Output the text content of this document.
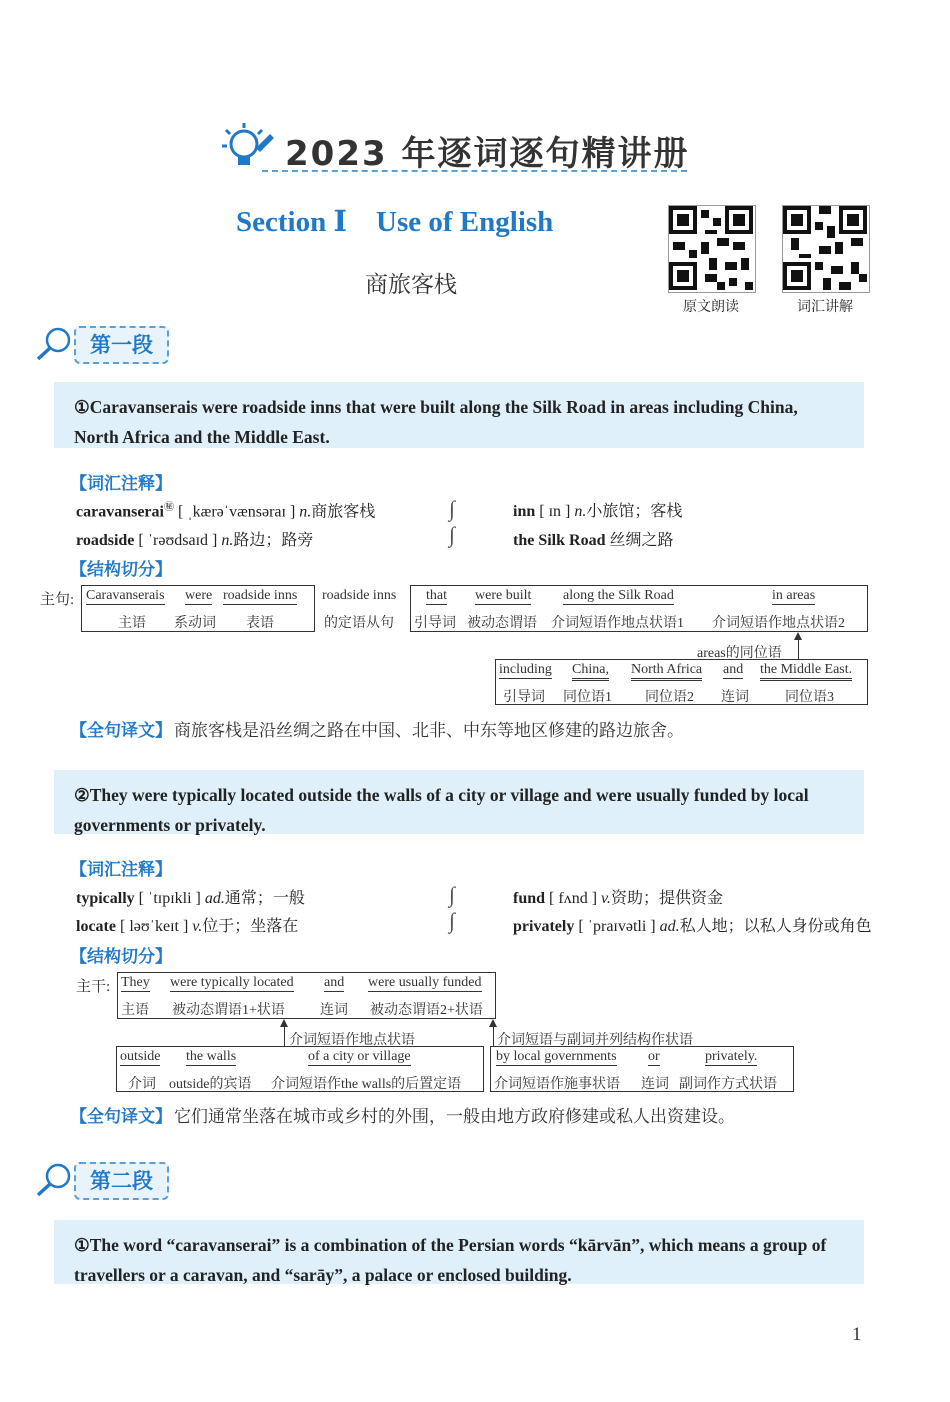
2023 年逐词逐句精讲册
Section Ⅰ    Use of English
商旅客栈
原文朗读	词汇讲解
第一段
①Caravanserais were roadside inns that were built along the Silk Road in areas including China, North Africa and the Middle East.
【词汇注释】
caravanserai㊙ [ ˌkærəˈvænsəraɪ ] n.商旅客栈
roadside [ ˈrəʊdsaɪd ] n.路边；路旁
∫
∫
inn [ ɪn ] n.小旅馆；客栈
the Silk Road 丝绸之路
【结构切分】
主句: Caravanserais
主语
were
系动词
roadside inns
表语
roadside inns
的定语从句
that
引导词
were built
被动态谓语
along the Silk Road
介词短语作地点状语1
in areas
介词短语作地点状语2
areas的同位语
including
引导词
China,
同位语1
North Africa
同位语2
and
连词
the Middle East.
同位语3
【全句译文】 商旅客栈是沿丝绸之路在中国、北非、中东等地区修建的路边旅舍。
②They were typically located outside the walls of a city or village and were usually funded by local governments or privately.
【词汇注释】
typically [ ˈtɪpɪkli ] ad.通常；一般
locate [ ləʊˈkeɪt ] v.位于；坐落在
∫
∫
fund [ fʌnd ] v.资助；提供资金
privately [ ˈpraɪvətli ] ad.私人地；以私人身份或角色
【结构切分】
主干: They
主语
were typically located
被动态谓语1+状语
and
连词
were usually funded
被动态谓语2+状语
介词短语作地点状语	介词短语与副词并列结构作状语
outside
介词
the walls
outside的宾语
of a city or village
介词短语作the walls的后置定语
by local governments
介词短语作施事状语
or
连词
privately.
副词作方式状语
【全句译文】 它们通常坐落在城市或乡村的外围，一般由地方政府修建或私人出资建设。
第二段
①The word “caravanserai” is a combination of the Persian words “kārvān”, which means a group of travellers or a caravan, and “sarāy”, a palace or enclosed building.
1
